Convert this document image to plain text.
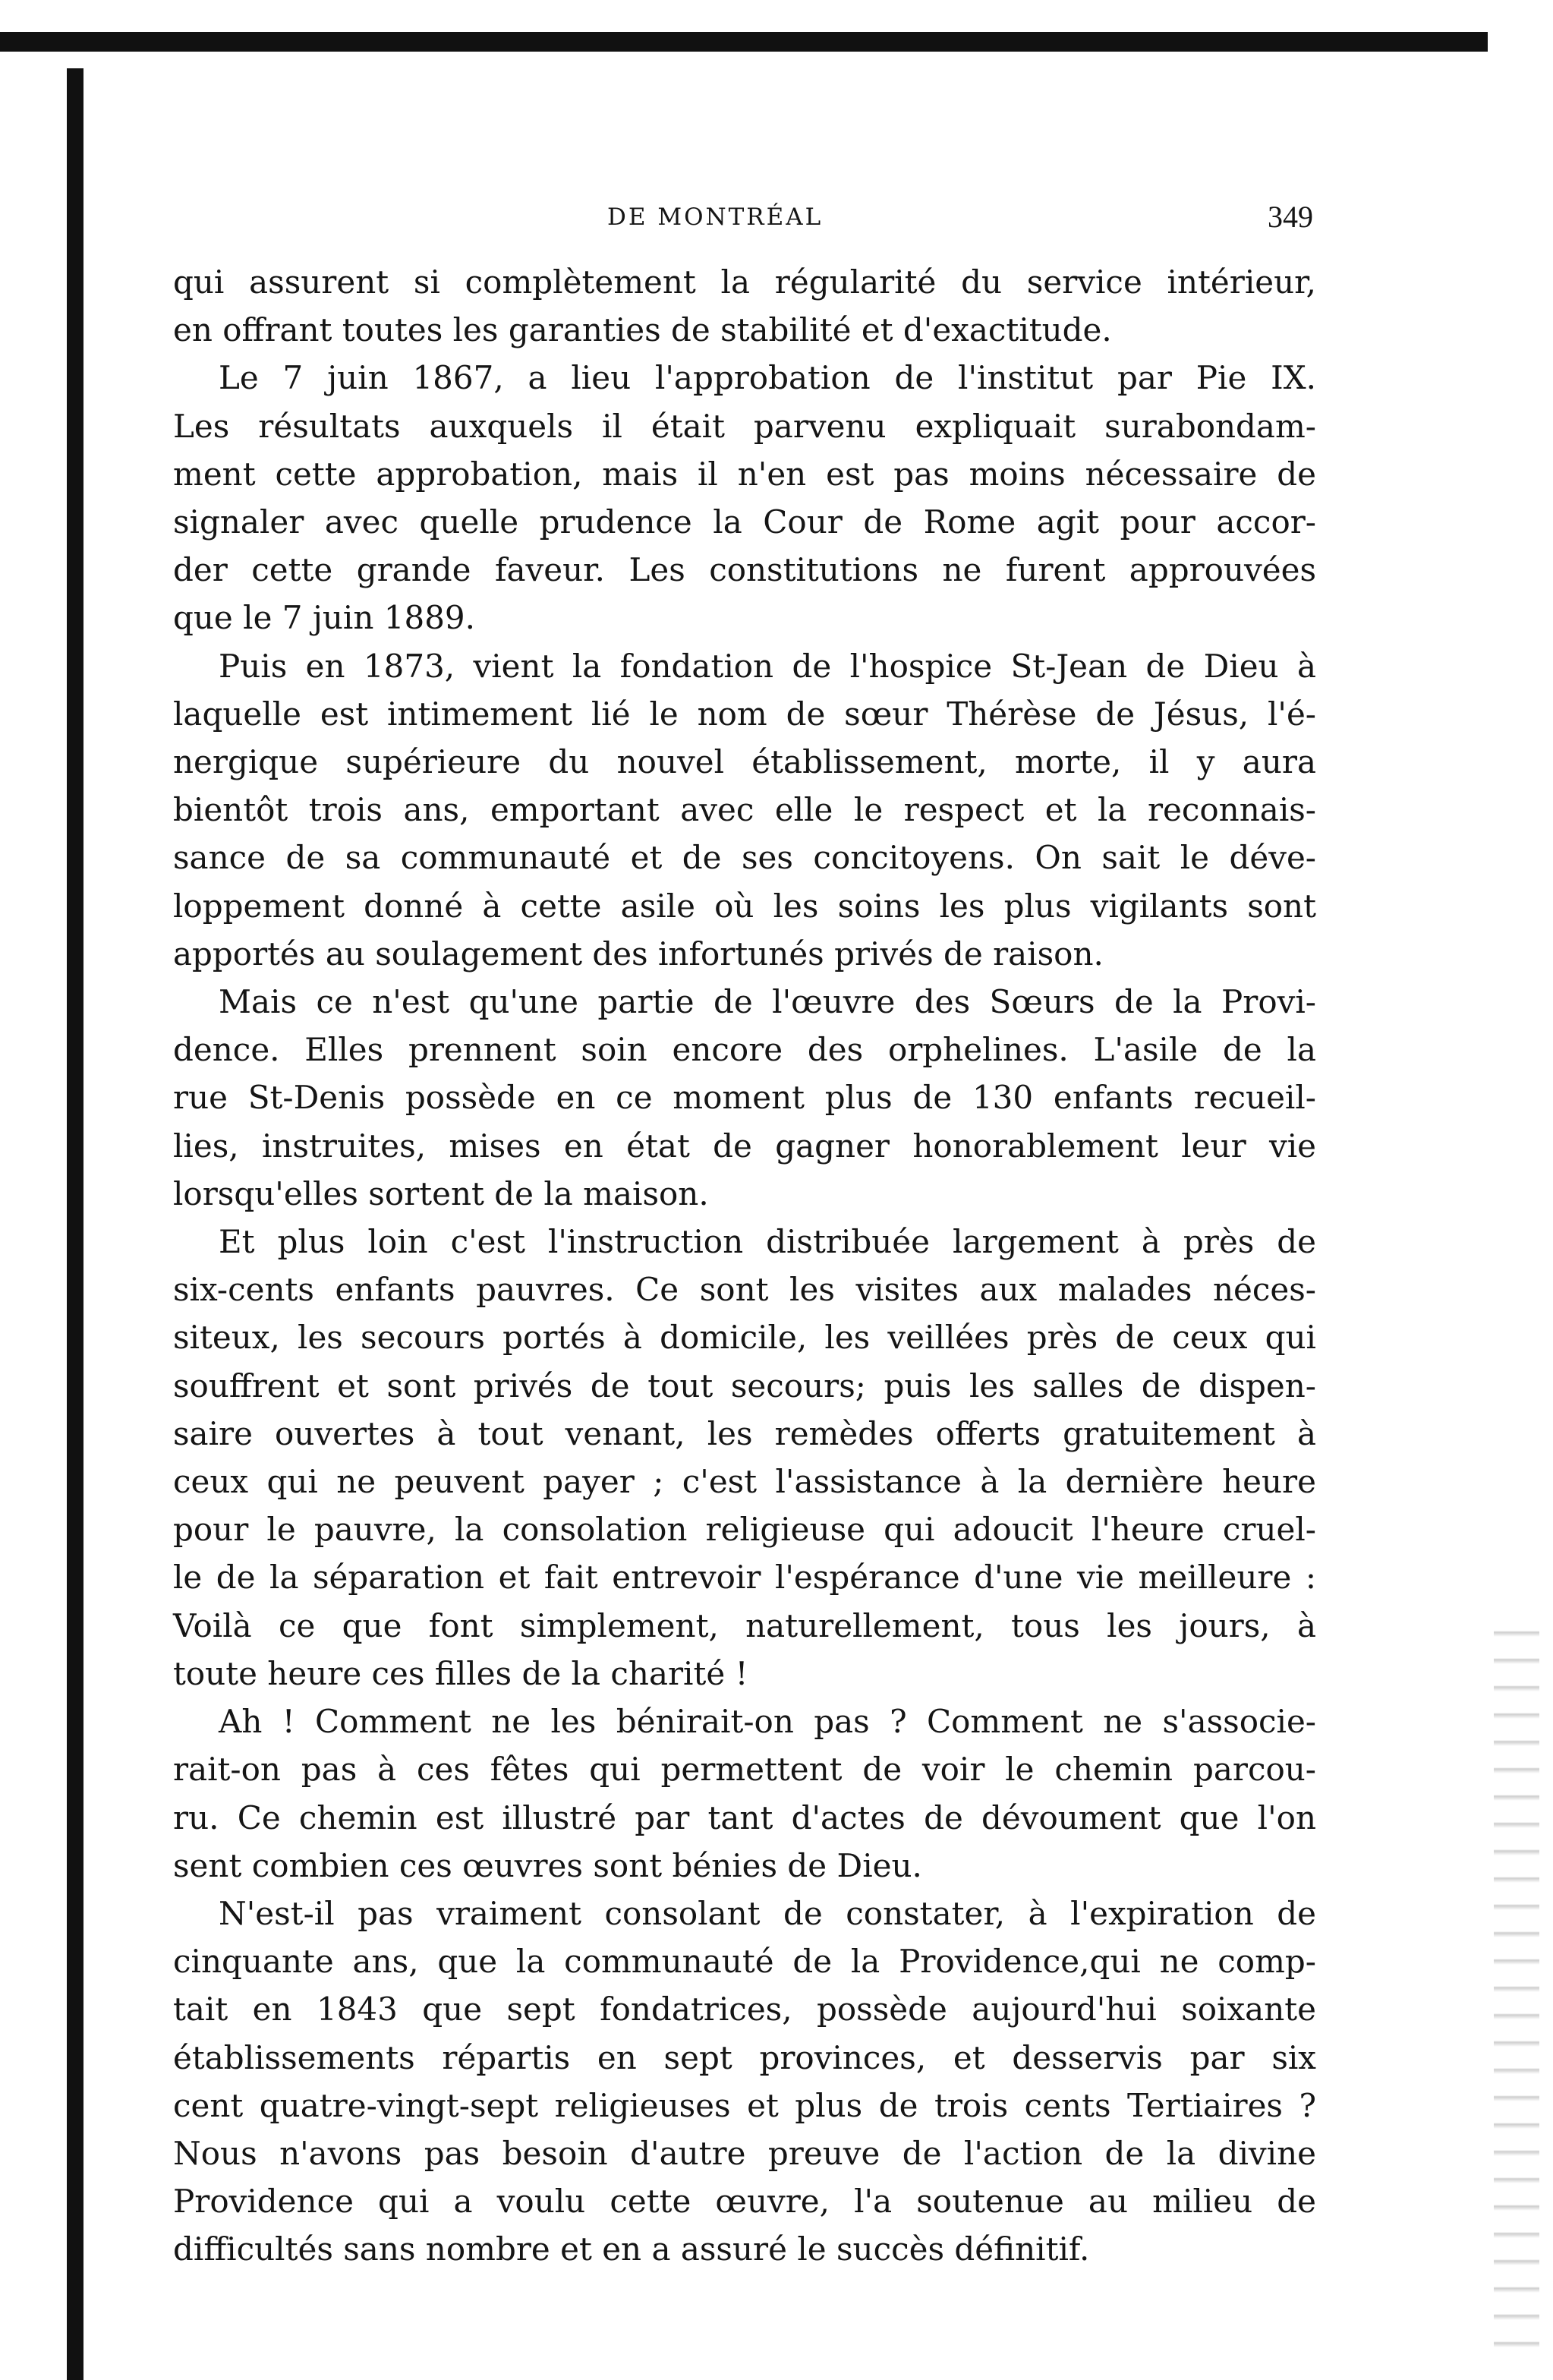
DE MONTRÉAL	349

qui assurent si complètement la régularité du service intérieur,
en offrant toutes les garanties de stabilité et d'exactitude.

Le 7 juin 1867, a lieu l'approbation de l'institut par Pie IX.
Les résultats auxquels il était parvenu expliquait surabondam-
ment cette approbation, mais il n'en est pas moins nécessaire de
signaler avec quelle prudence la Cour de Rome agit pour accor-
der cette grande faveur. Les constitutions ne furent approuvées
que le 7 juin 1889.

Puis en 1873, vient la fondation de l'hospice St-Jean de Dieu à
laquelle est intimement lié le nom de sœur Thérèse de Jésus, l'é-
nergique supérieure du nouvel établissement, morte, il y aura
bientôt trois ans, emportant avec elle le respect et la reconnais-
sance de sa communauté et de ses concitoyens. On sait le déve-
loppement donné à cette asile où les soins les plus vigilants sont
apportés au soulagement des infortunés privés de raison.

Mais ce n'est qu'une partie de l'œuvre des Sœurs de la Provi-
dence. Elles prennent soin encore des orphelines. L'asile de la
rue St-Denis possède en ce moment plus de 130 enfants recueil-
lies, instruites, mises en état de gagner honorablement leur vie
lorsqu'elles sortent de la maison.

Et plus loin c'est l'instruction distribuée largement à près de
six-cents enfants pauvres. Ce sont les visites aux malades néces-
siteux, les secours portés à domicile, les veillées près de ceux qui
souffrent et sont privés de tout secours; puis les salles de dispen-
saire ouvertes à tout venant, les remèdes offerts gratuitement à
ceux qui ne peuvent payer ; c'est l'assistance à la dernière heure
pour le pauvre, la consolation religieuse qui adoucit l'heure cruel-
le de la séparation et fait entrevoir l'espérance d'une vie meilleure :
Voilà ce que font simplement, naturellement, tous les jours, à
toute heure ces filles de la charité !

Ah ! Comment ne les bénirait-on pas ? Comment ne s'associe-
rait-on pas à ces fêtes qui permettent de voir le chemin parcou-
ru. Ce chemin est illustré par tant d'actes de dévoument que l'on
sent combien ces œuvres sont bénies de Dieu.

N'est-il pas vraiment consolant de constater, à l'expiration de
cinquante ans, que la communauté de la Providence,qui ne comp-
tait en 1843 que sept fondatrices, possède aujourd'hui soixante
établissements répartis en sept provinces, et desservis par six
cent quatre-vingt-sept religieuses et plus de trois cents Tertiaires ?
Nous n'avons pas besoin d'autre preuve de l'action de la divine
Providence qui a voulu cette œuvre, l'a soutenue au milieu de
difficultés sans nombre et en a assuré le succès définitif.
